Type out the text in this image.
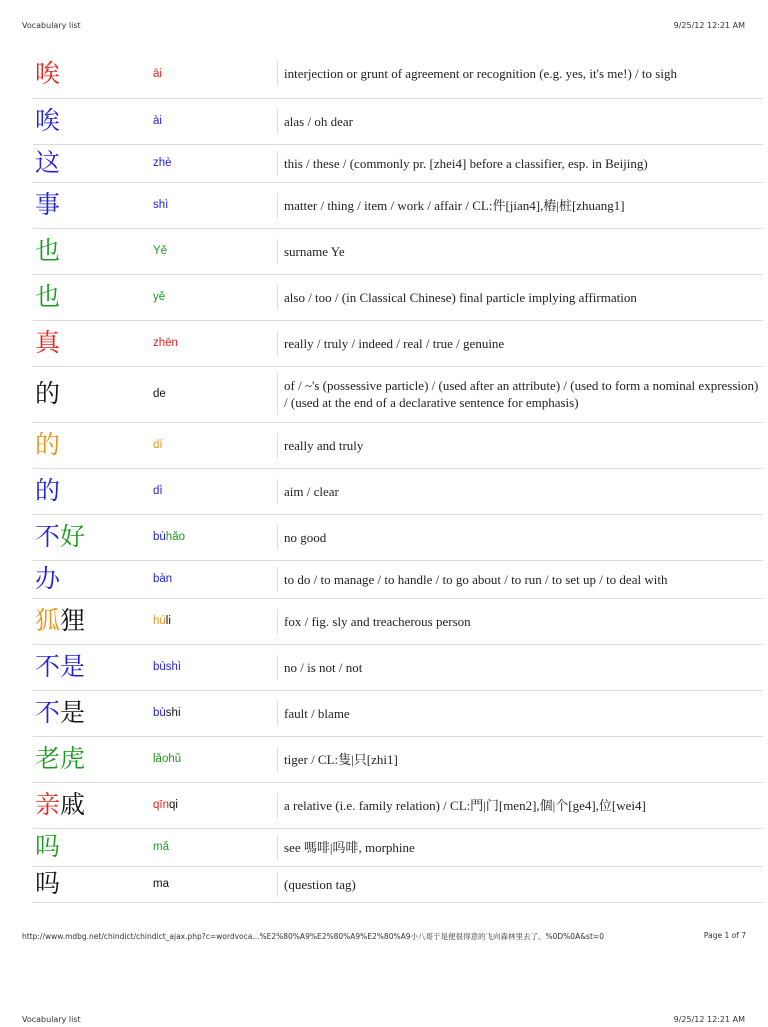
Vocabulary list	9/25/12 12:21 AM
唉	āi	interjection or grunt of agreement or recognition (e.g. yes, it's me!) / to sigh

唉	ài	alas / oh dear

这	zhè	this / these / (commonly pr. [zhei4] before a classifier, esp. in Beijing)

事	shì	matter / thing / item / work / affair / CL:件[jian4],樁|桩[zhuang1]

也	Yě	surname Ye

也	yě	also / too / (in Classical Chinese) final particle implying affirmation

真	zhēn	really / truly / indeed / real / true / genuine

的	de	of / ~'s (possessive particle) / (used after an attribute) / (used to form a nominal expression) / (used at the end of a declarative sentence for emphasis)

的	dí	really and truly

的	dì	aim / clear

不好	bùhǎo	no good

办	bàn	to do / to manage / to handle / to go about / to run / to set up / to deal with

狐狸	húli	fox / fig. sly and treacherous person

不是	bùshì	no / is not / not

不是	bùshi	fault / blame

老虎	lǎohǔ	tiger / CL:隻|只[zhi1]

亲戚	qīnqi	a relative (i.e. family relation) / CL:門|门[men2],個|个[ge4],位[wei4]

吗	mǎ	see 嗎啡|吗啡, morphine

吗	ma	(question tag)
http://www.mdbg.net/chindict/chindict_ajax.php?c=wordvoca...%E2%80%A9%E2%80%A9%E2%80%A9小八哥于是便很得意的飞向森林里去了。%0D%0A&st=0	Page 1 of 7
Vocabulary list	9/25/12 12:21 AM
